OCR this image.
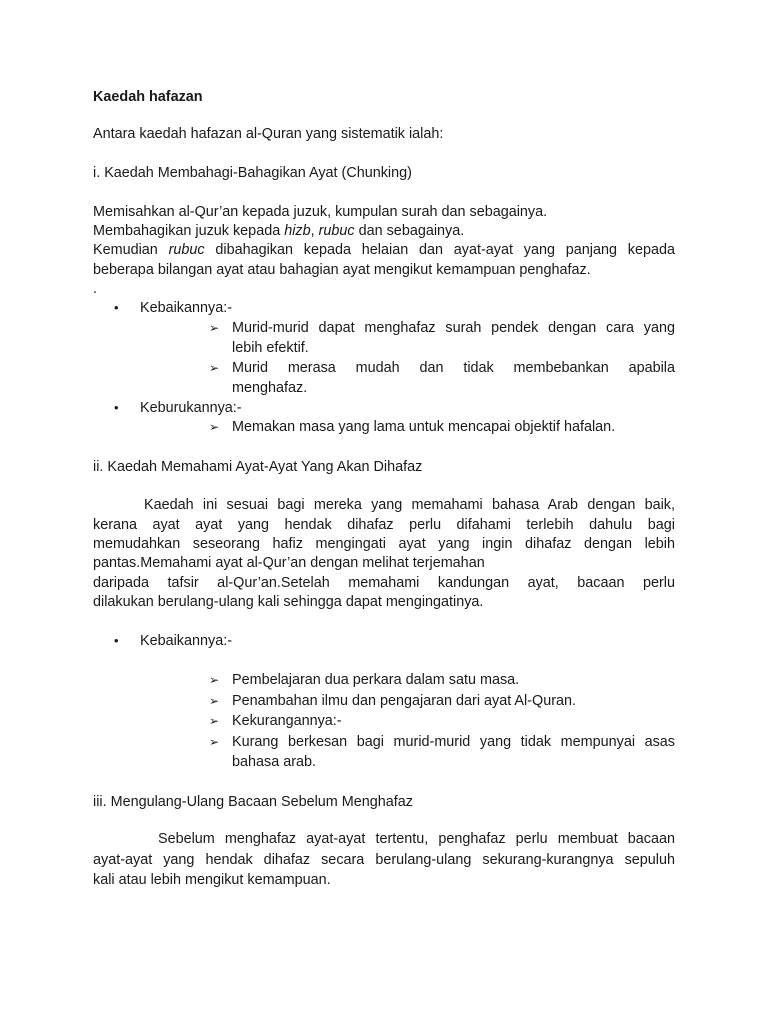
Kaedah hafazan
Antara kaedah hafazan al-Quran yang sistematik ialah:
i. Kaedah Membahagi-Bahagikan Ayat (Chunking)
Memisahkan al-Qur’an kepada juzuk, kumpulan surah dan sebagainya.
Membahagikan juzuk kepada hizb, rubuc dan sebagainya.
Kemudian rubuc dibahagikan kepada helaian dan ayat-ayat yang panjang kepada
beberapa bilangan ayat atau bahagian ayat mengikut kemampuan penghafaz.
.
• Kebaikannya:-
➢ Murid-murid dapat menghafaz surah pendek dengan cara yang
lebih efektif.
➢ Murid merasa mudah dan tidak membebankan apabila
menghafaz.
• Keburukannya:-
➢ Memakan masa yang lama untuk mencapai objektif hafalan.
ii. Kaedah Memahami Ayat-Ayat Yang Akan Dihafaz
Kaedah ini sesuai bagi mereka yang memahami bahasa Arab dengan baik,
kerana ayat ayat yang hendak dihafaz perlu difahami terlebih dahulu bagi
memudahkan seseorang hafiz mengingati ayat yang ingin dihafaz dengan lebih
pantas.Memahami ayat al-Qur’an dengan melihat terjemahan
daripada tafsir al-Qur’an.Setelah memahami kandungan ayat, bacaan perlu
dilakukan berulang-ulang kali sehingga dapat mengingatinya.
• Kebaikannya:-
➢ Pembelajaran dua perkara dalam satu masa.
➢ Penambahan ilmu dan pengajaran dari ayat Al-Quran.
➢ Kekurangannya:-
➢ Kurang berkesan bagi murid-murid yang tidak mempunyai asas
bahasa arab.
iii. Mengulang-Ulang Bacaan Sebelum Menghafaz
Sebelum menghafaz ayat-ayat tertentu, penghafaz perlu membuat bacaan
ayat-ayat yang hendak dihafaz secara berulang-ulang sekurang-kurangnya sepuluh
kali atau lebih mengikut kemampuan.
